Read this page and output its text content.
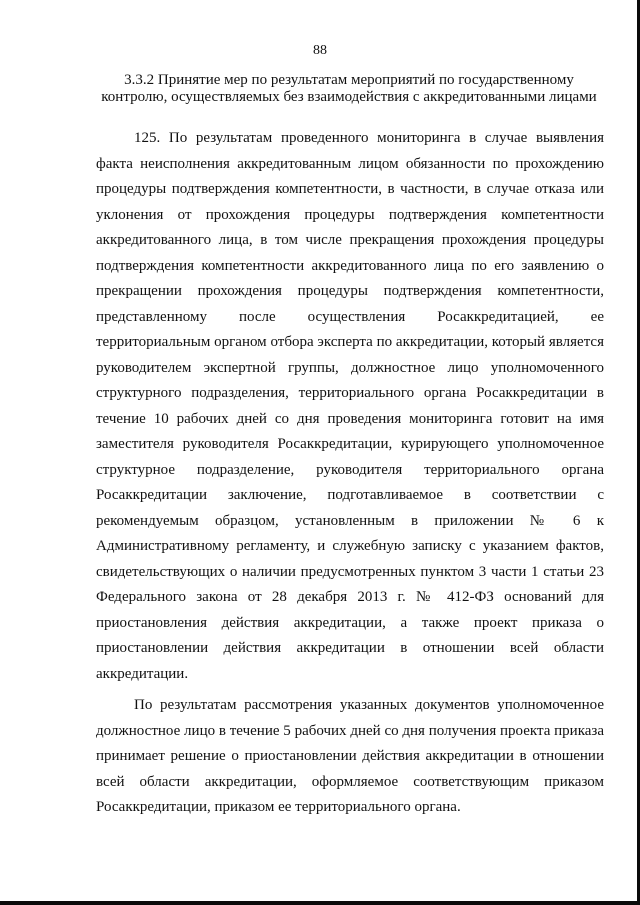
88
3.3.2 Принятие мер по результатам мероприятий по государственному контролю, осуществляемых без взаимодействия с аккредитованными лицами

125. По результатам проведенного мониторинга в случае выявления факта неисполнения аккредитованным лицом обязанности по прохождению процедуры подтверждения компетентности, в частности, в случае отказа или уклонения от прохождения процедуры подтверждения компетентности аккредитованного лица, в том числе прекращения прохождения процедуры подтверждения компетентности аккредитованного лица по его заявлению о прекращении прохождения процедуры подтверждения компетентности, представленному после осуществления Росаккредитацией, ее территориальным органом отбора эксперта по аккредитации, который является руководителем экспертной группы, должностное лицо уполномоченного структурного подразделения, территориального органа Росаккредитации в течение 10 рабочих дней со дня проведения мониторинга готовит на имя заместителя руководителя Росаккредитации, курирующего уполномоченное структурное подразделение, руководителя территориального органа Росаккредитации заключение, подготавливаемое в соответствии с рекомендуемым образцом, установленным в приложении № 6 к Административному регламенту, и служебную записку с указанием фактов, свидетельствующих о наличии предусмотренных пунктом 3 части 1 статьи 23 Федерального закона от 28 декабря 2013 г. № 412-ФЗ оснований для приостановления действия аккредитации, а также проект приказа о приостановлении действия аккредитации в отношении всей области аккредитации.

По результатам рассмотрения указанных документов уполномоченное должностное лицо в течение 5 рабочих дней со дня получения проекта приказа принимает решение о приостановлении действия аккредитации в отношении всей области аккредитации, оформляемое соответствующим приказом Росаккредитации, приказом ее территориального органа.
